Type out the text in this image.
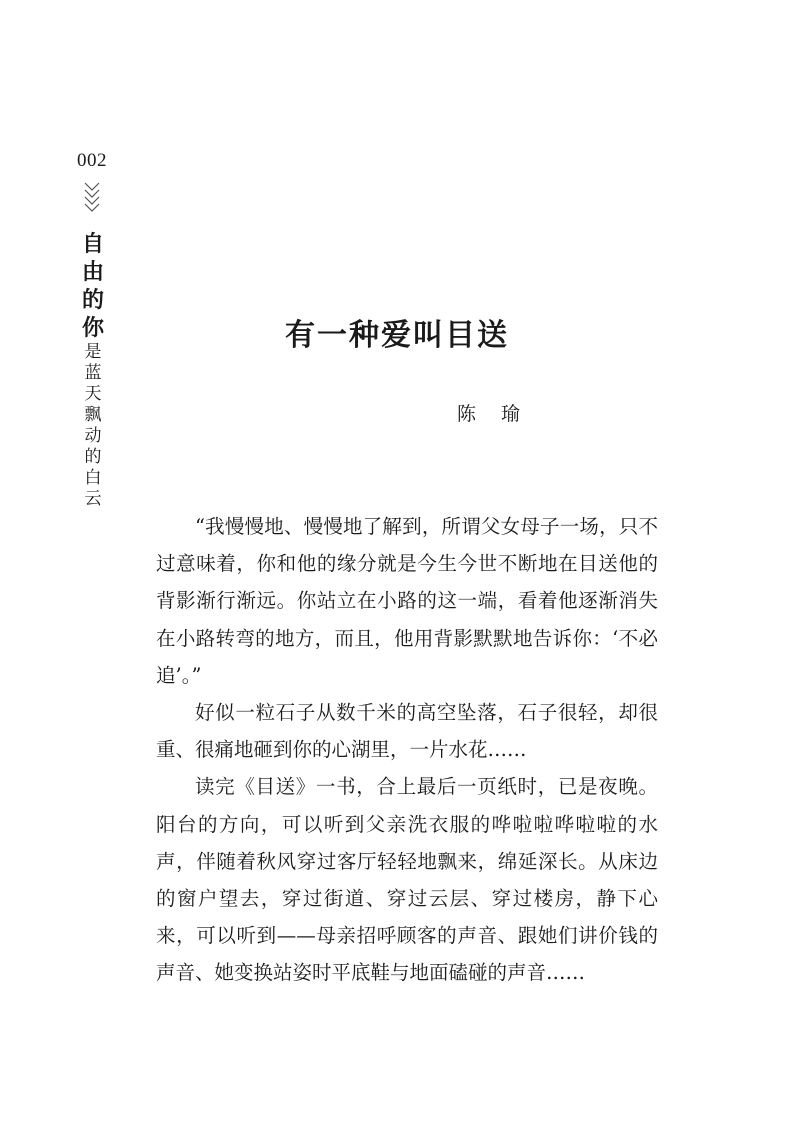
002
自
由
的
你
是
蓝
天
飘
动
的
白
云
有一种爱叫目送
陈瑜

“我慢慢地、慢慢地了解到，所谓父女母子一场，只不过意味着，你和他的缘分就是今生今世不断地在目送他的背影渐行渐远。你站立在小路的这一端，看着他逐渐消失在小路转弯的地方，而且，他用背影默默地告诉你：‘不必追’。”

好似一粒石子从数千米的高空坠落，石子很轻，却很重、很痛地砸到你的心湖里，一片水花……

读完《目送》一书，合上最后一页纸时，已是夜晚。阳台的方向，可以听到父亲洗衣服的哗啦啦哗啦啦的水声，伴随着秋风穿过客厅轻轻地飘来，绵延深长。从床边的窗户望去，穿过街道、穿过云层、穿过楼房，静下心来，可以听到——母亲招呼顾客的声音、跟她们讲价钱的声音、她变换站姿时平底鞋与地面磕碰的声音……
